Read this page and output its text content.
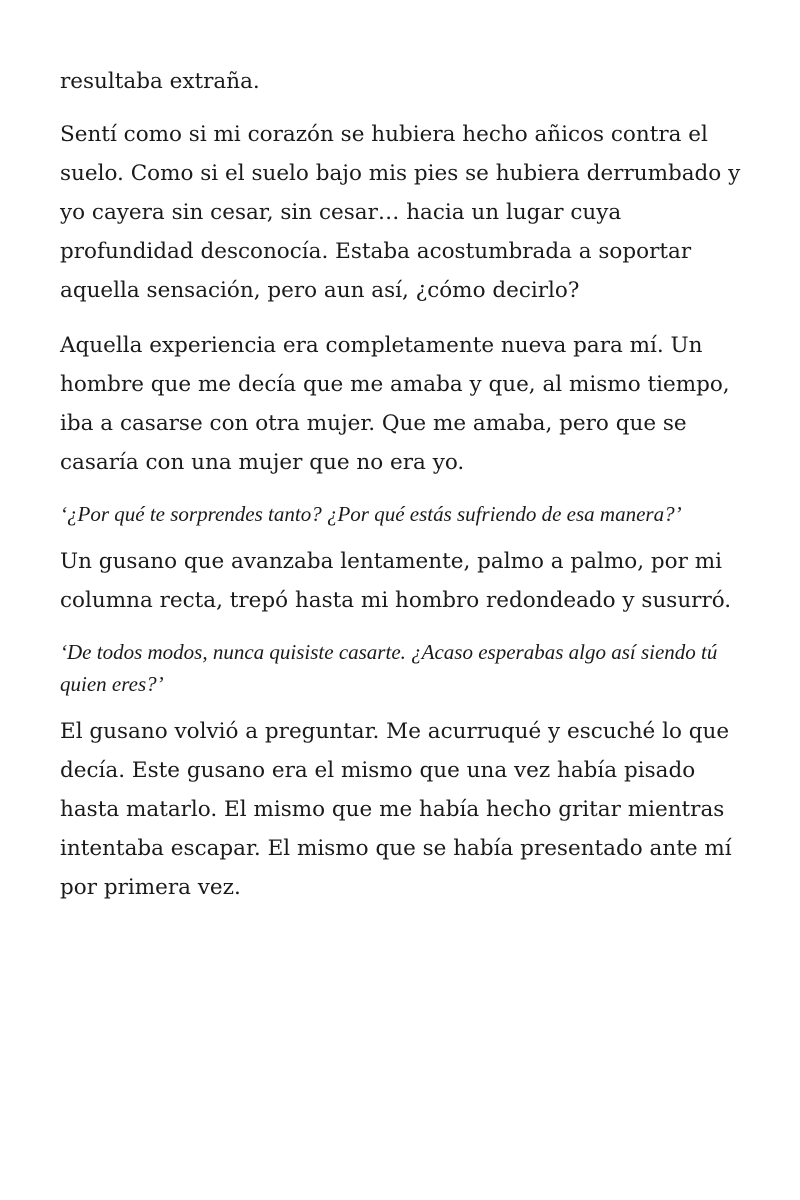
resultaba extraña.

Sentí como si mi corazón se hubiera hecho añicos contra el suelo. Como si el suelo bajo mis pies se hubiera derrumbado y yo cayera sin cesar, sin cesar… hacia un lugar cuya profundidad desconocía. Estaba acostumbrada a soportar aquella sensación, pero aun así, ¿cómo decirlo?

Aquella experiencia era completamente nueva para mí. Un hombre que me decía que me amaba y que, al mismo tiempo, iba a casarse con otra mujer. Que me amaba, pero que se casaría con una mujer que no era yo.

‘¿Por qué te sorprendes tanto? ¿Por qué estás sufriendo de esa manera?’

Un gusano que avanzaba lentamente, palmo a palmo, por mi columna recta, trepó hasta mi hombro redondeado y susurró.

‘De todos modos, nunca quisiste casarte. ¿Acaso esperabas algo así siendo tú quien eres?’

El gusano volvió a preguntar. Me acurruqué y escuché lo que decía. Este gusano era el mismo que una vez había pisado hasta matarlo. El mismo que me había hecho gritar mientras intentaba escapar. El mismo que se había presentado ante mí por primera vez.
